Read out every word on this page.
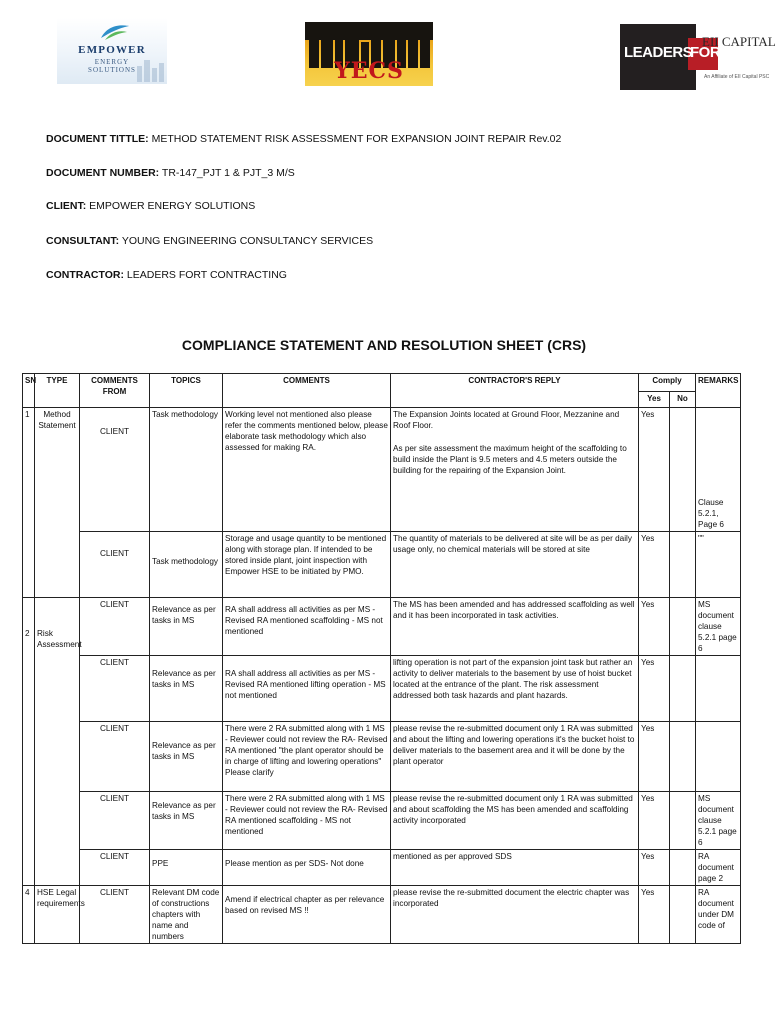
EMPOWER
ENERGY
SOLUTIONS	YECS
LEADERS
FORT
EII CAPITAL
An Affiliate of EII Capital PSC
DOCUMENT TITTLE: METHOD STATEMENT RISK ASSESSMENT FOR EXPANSION JOINT REPAIR Rev.02
DOCUMENT NUMBER: TR-147_PJT 1 & PJT_3 M/S
CLIENT: EMPOWER ENERGY SOLUTIONS
CONSULTANT: YOUNG ENGINEERING CONSULTANCY SERVICES
CONTRACTOR: LEADERS FORT CONTRACTING
COMPLIANCE STATEMENT AND RESOLUTION SHEET (CRS)
SN	TYPE	COMMENTS FROM	TOPICS	COMMENTS	CONTRACTOR'S REPLY	Comply		REMARKS
						Yes	No	
1	Method Statement	CLIENT	Task methodology	Working level not mentioned also please refer the comments mentioned below, please elaborate task methodology which also assessed for making RA.	The Expansion Joints located at Ground Floor, Mezzanine and Roof Floor.
As per site assessment the maximum height of the scaffolding to build inside the Plant is 9.5 meters and 4.5 meters outside the building for the repairing of the Expansion Joint.	Yes		Clause 5.2.1, Page 6
		CLIENT	Task methodology	Storage and usage quantity to be mentioned along with storage plan. If intended to be stored inside plant, joint inspection with Empower HSE to be initiated by PMO.	The quantity of materials to be delivered at site will be as per daily usage only, no chemical materials will be stored at site	Yes		""
2	Risk Assessment	CLIENT	Relevance as per tasks in MS	RA shall address all activities as per MS - Revised RA mentioned scaffolding - MS not mentioned	The MS has been amended and has addressed scaffolding as well and it has been incorporated in task activities.	Yes		MS document clause 5.2.1 page 6
		CLIENT	Relevance as per tasks in MS	RA shall address all activities as per MS - Revised RA mentioned lifting operation - MS not mentioned	lifting operation is not part of the expansion joint task but rather an activity to deliver materials to the basement by use of hoist bucket located at the entrance of the plant. The risk assessment addressed both task hazards and plant hazards.	Yes		
		CLIENT	Relevance as per tasks in MS	There were 2 RA submitted along with 1 MS - Reviewer could not review the RA- Revised RA mentioned "the plant operator should be in charge of lifting and lowering operations" Please clarify	please revise the re-submitted document only 1 RA was submitted and about the lifting and lowering operations it's the bucket hoist to deliver materials to the basement area and it will be done by the plant operator	Yes		
		CLIENT	Relevance as per tasks in MS	There were 2 RA submitted along with 1 MS - Reviewer could not review the RA- Revised RA mentioned scaffolding - MS not mentioned	please revise the re-submitted document only 1 RA was submitted and about scaffolding the MS has been amended and scaffolding activity incorporated	Yes		MS document clause 5.2.1 page 6
		CLIENT	PPE	Please mention as per SDS- Not done	mentioned as per approved SDS	Yes		RA document page 2
4	HSE Legal requirements	CLIENT	Relevant DM code of constructions chapters with name and numbers	Amend if electrical chapter as per relevance based on revised MS !!	please revise the re-submitted document the electric chapter was incorporated	Yes		RA document under DM code of
